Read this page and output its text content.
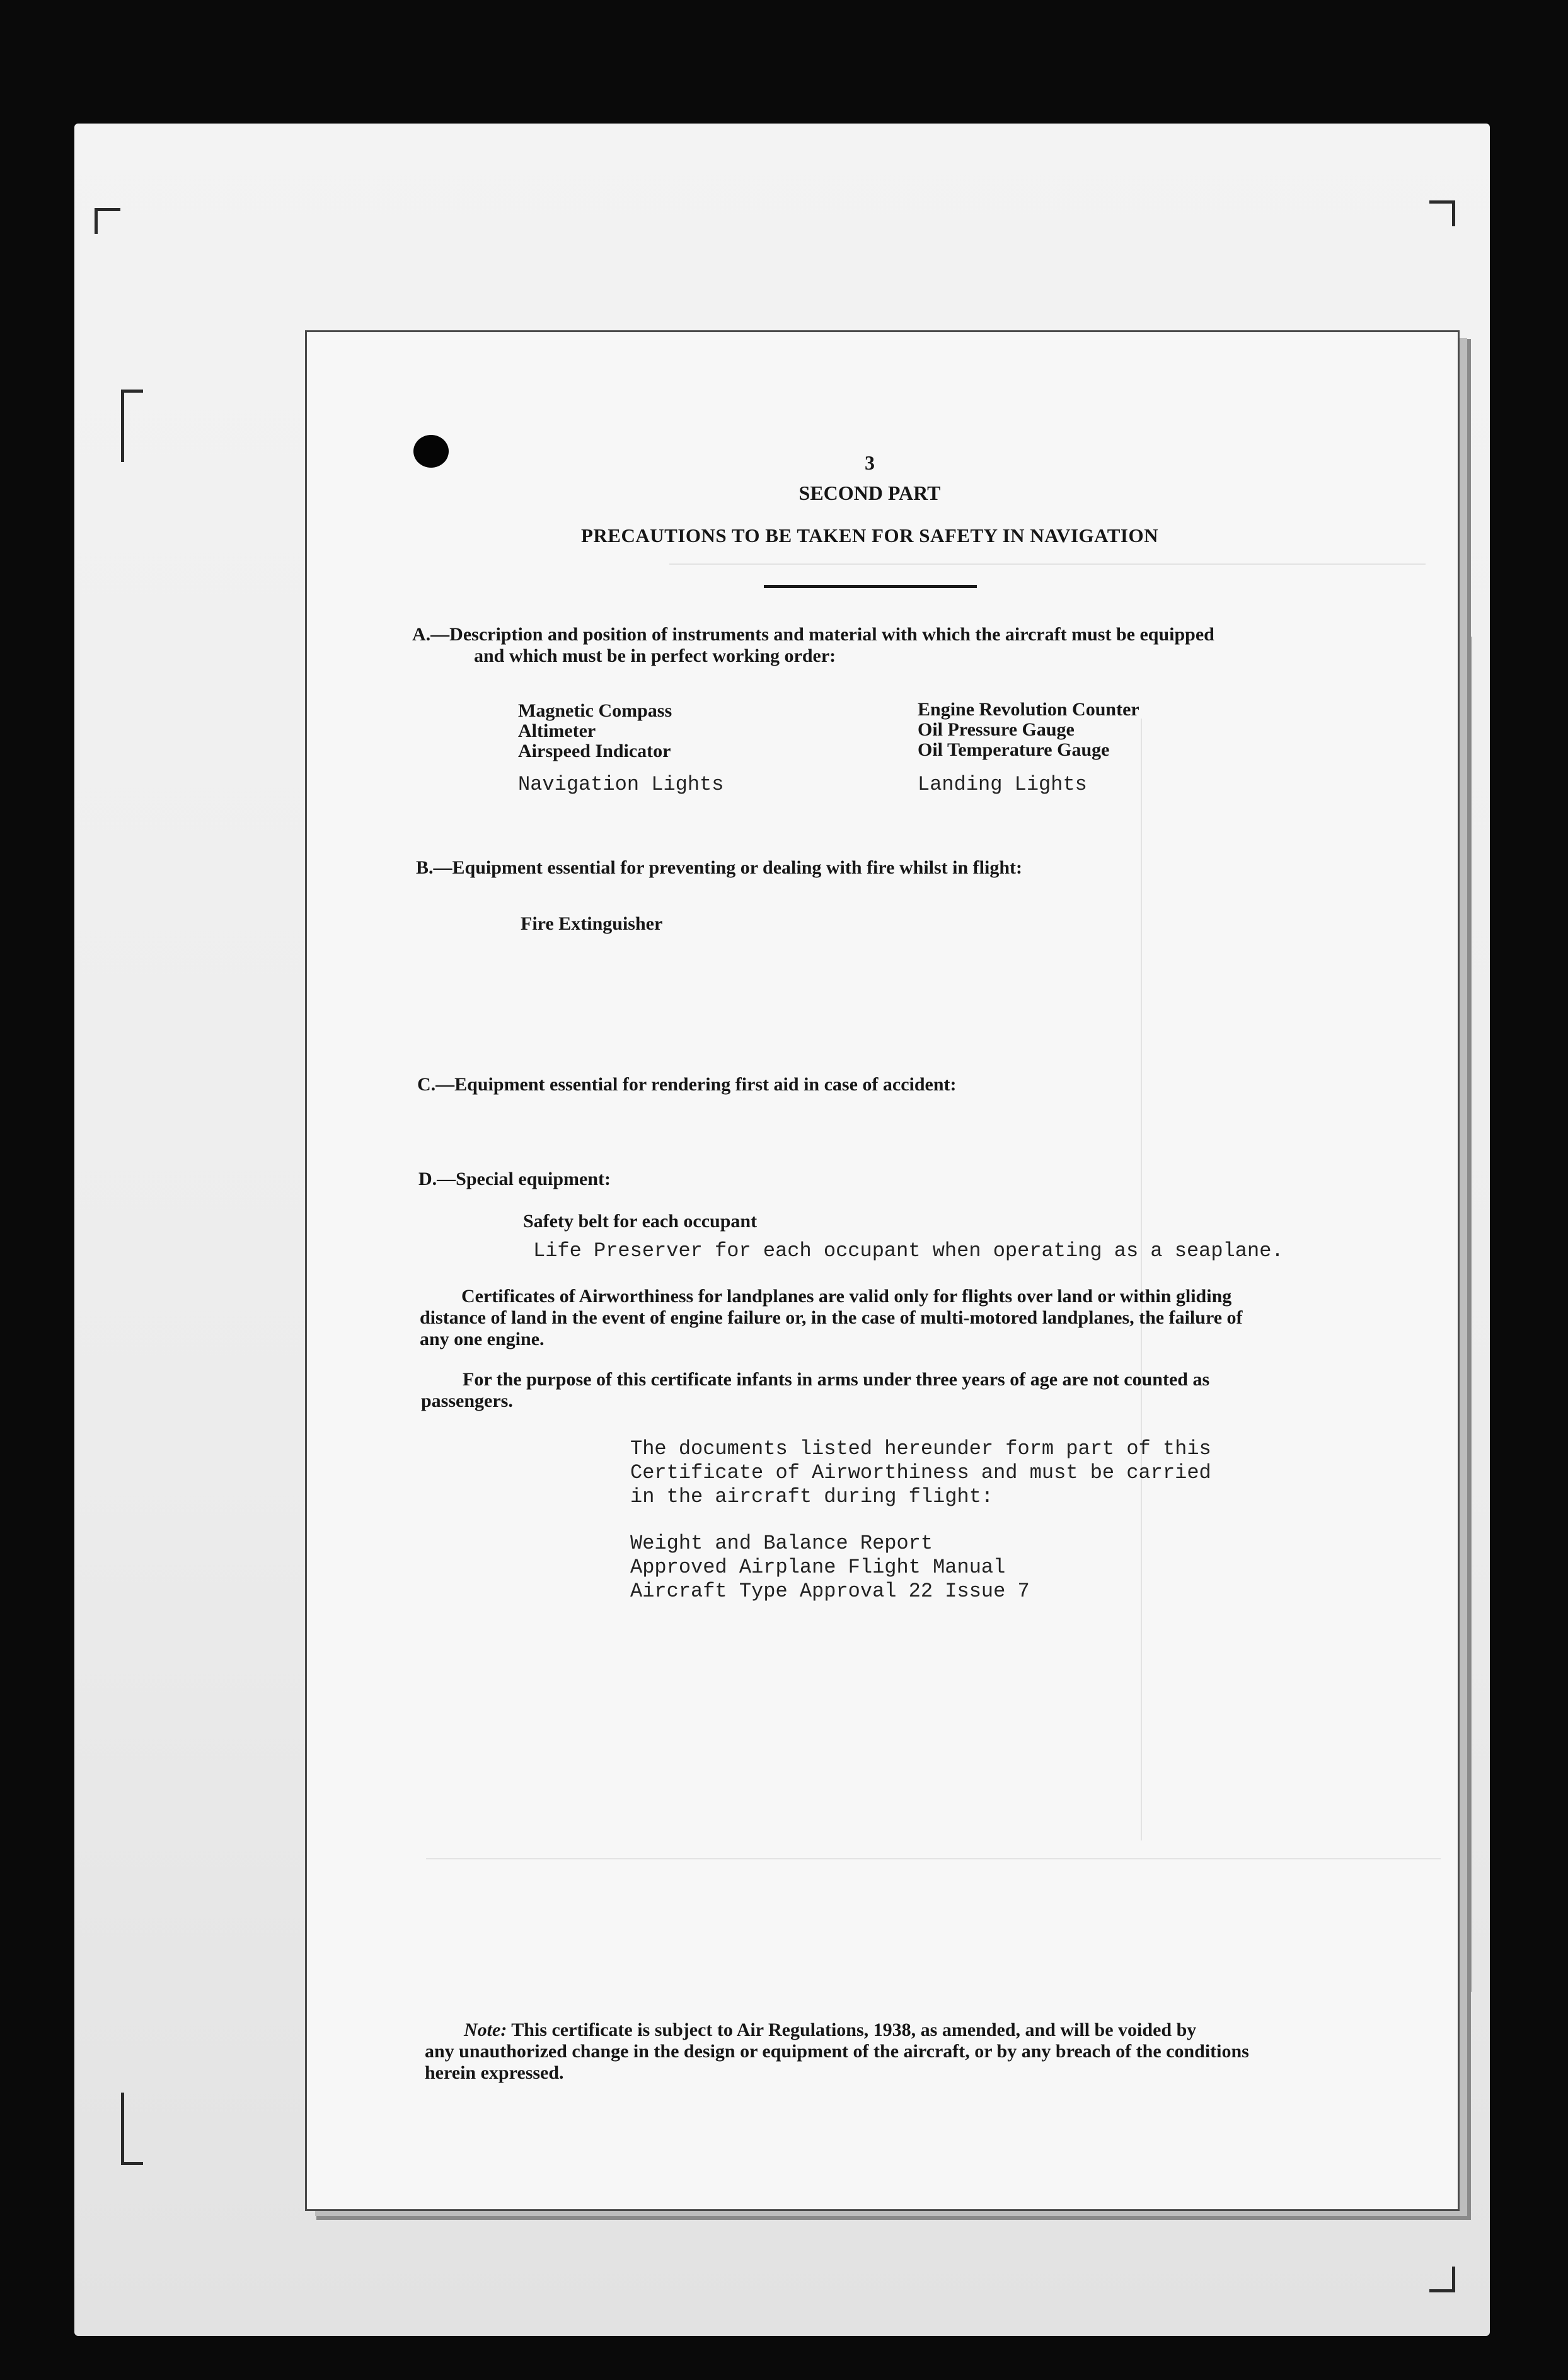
3
SECOND PART
PRECAUTIONS TO BE TAKEN FOR SAFETY IN NAVIGATION
A.—Description and position of instruments and material with which the aircraft must be equipped
and which must be in perfect working order:
Magnetic Compass
Altimeter
Airspeed Indicator
Navigation Lights
Engine Revolution Counter
Oil Pressure Gauge
Oil Temperature Gauge
Landing Lights
B.—Equipment essential for preventing or dealing with fire whilst in flight:
Fire Extinguisher
C.—Equipment essential for rendering first aid in case of accident:
D.—Special equipment:
Safety belt for each occupant
Life Preserver for each occupant when operating as a seaplane.
Certificates of Airworthiness for landplanes are valid only for flights over land or within gliding
distance of land in the event of engine failure or, in the case of multi-motored landplanes, the failure of
any one engine.
For the purpose of this certificate infants in arms under three years of age are not counted as
passengers.
The documents listed hereunder form part of this
Certificate of Airworthiness and must be carried
in the aircraft during flight:
Weight and Balance Report
Approved Airplane Flight Manual
Aircraft Type Approval 22 Issue 7
Note: This certificate is subject to Air Regulations, 1938, as amended, and will be voided by
any unauthorized change in the design or equipment of the aircraft, or by any breach of the conditions
herein expressed.
